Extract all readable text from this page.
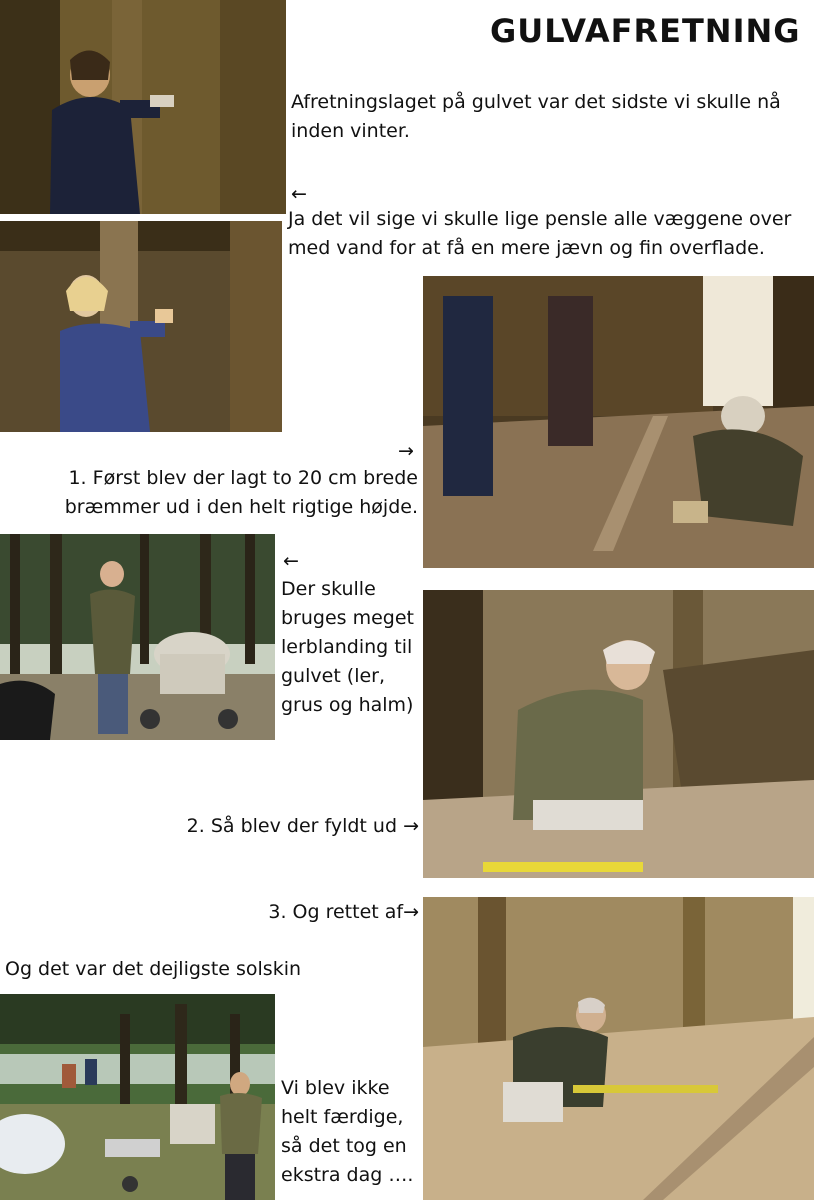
GULVAFRETNING
Afretningslaget på gulvet var det sidste vi skulle nå inden vinter.
←
Ja det vil sige vi skulle lige pensle alle væggene over med vand for at få en mere jævn og fin overflade.
→
1. Først blev der lagt to 20 cm brede
bræmmer ud i den helt rigtige højde.
←
Der skulle
bruges meget
lerblanding til
gulvet (ler,
grus og halm)
2. Så blev der fyldt ud →
3. Og rettet af→
Og det var det dejligste solskin
Vi blev ikke
helt færdige,
så det tog en
ekstra dag ….
